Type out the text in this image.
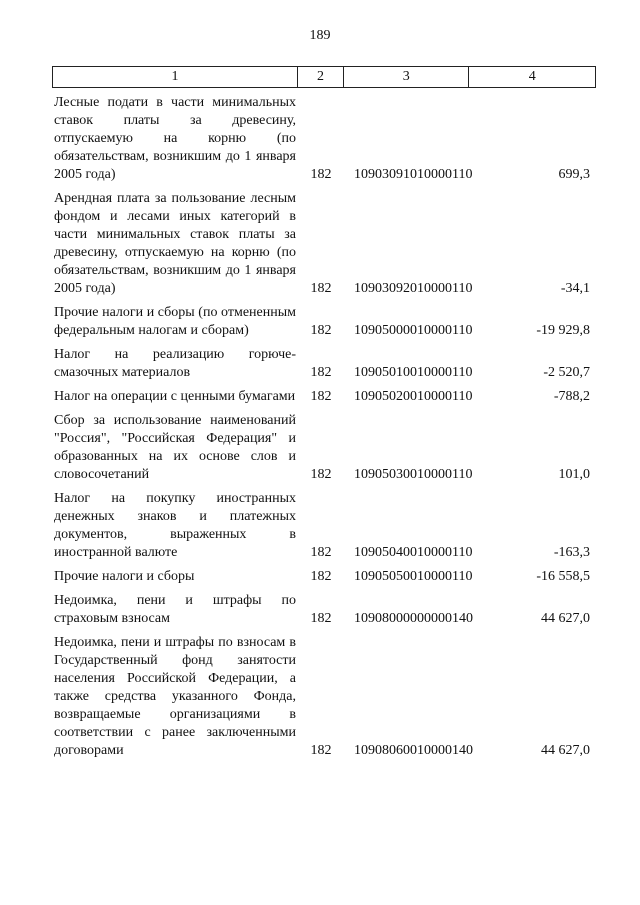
189
1	2	3	4
Лесные подати в части минимальных ставок платы за древесину, отпускаемую на корню (по обязательствам, возникшим до 1 января 2005 года)	182	10903091010000110	699,3
Арендная плата за пользование лесным фондом и лесами иных категорий в части минимальных ставок платы за древесину, отпускаемую на корню (по обязательствам, возникшим до 1 января 2005 года)	182	10903092010000110	-34,1
Прочие налоги и сборы (по отмененным федеральным налогам и сборам)	182	10905000010000110	-19 929,8
Налог на реализацию горюче-смазочных материалов	182	10905010010000110	-2 520,7
Налог на операции с ценными бумагами	182	10905020010000110	-788,2
Сбор за использование наименований "Россия", "Российская Федерация" и образованных на их основе слов и словосочетаний	182	10905030010000110	101,0
Налог на покупку иностранных денежных знаков и платежных документов, выраженных в иностранной валюте	182	10905040010000110	-163,3
Прочие налоги и сборы	182	10905050010000110	-16 558,5
Недоимка, пени и штрафы по страховым взносам	182	10908000000000140	44 627,0
Недоимка, пени и штрафы по взносам в Государственный фонд занятости населения Российской Федерации, а также средства указанного Фонда, возвращаемые организациями в соответствии с ранее заключенными договорами	182	10908060010000140	44 627,0
